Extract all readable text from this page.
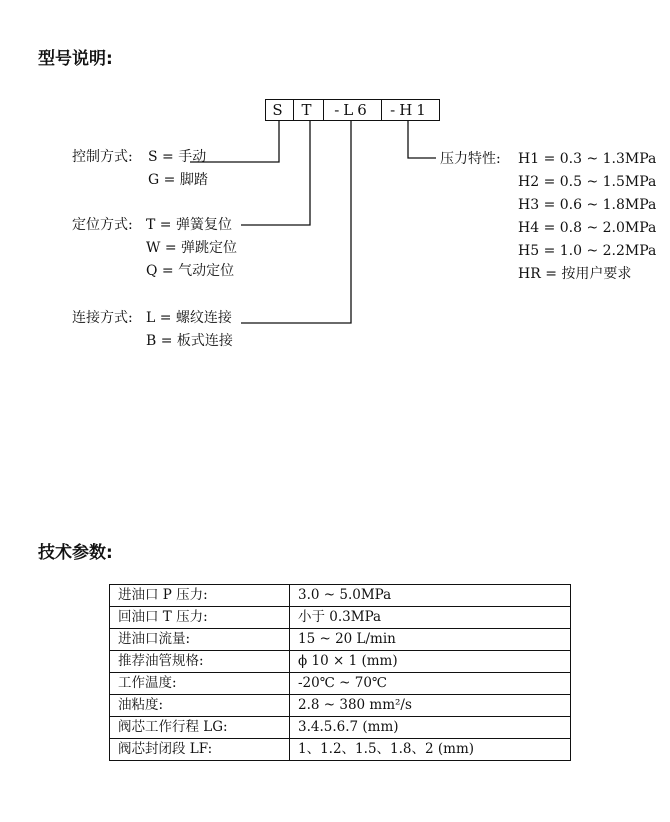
型号说明:
S T	-L6	-H1
控制方式: S = 手动
G = 脚踏
定位方式: T = 弹簧复位
W = 弹跳定位
Q = 气动定位
连接方式: L = 螺纹连接
B = 板式连接
压力特性: H1 = 0.3 ~ 1.3MPa
H2 = 0.5 ~ 1.5MPa
H3 = 0.6 ~ 1.8MPa
H4 = 0.8 ~ 2.0MPa
H5 = 1.0 ~ 2.2MPa
HR = 按用户要求
技术参数:
进油口 P 压力:	3.0 ~ 5.0MPa
回油口 T 压力:	小于 0.3MPa
进油口流量:	15 ~ 20 L/min
推荐油管规格:	ϕ 10 × 1 (mm)
工作温度:	-20℃ ~ 70℃
油粘度:	2.8 ~ 380 mm²/s
阀芯工作行程 LG:	3.4.5.6.7 (mm)
阀芯封闭段 LF:	1、1.2、1.5、1.8、2 (mm)
